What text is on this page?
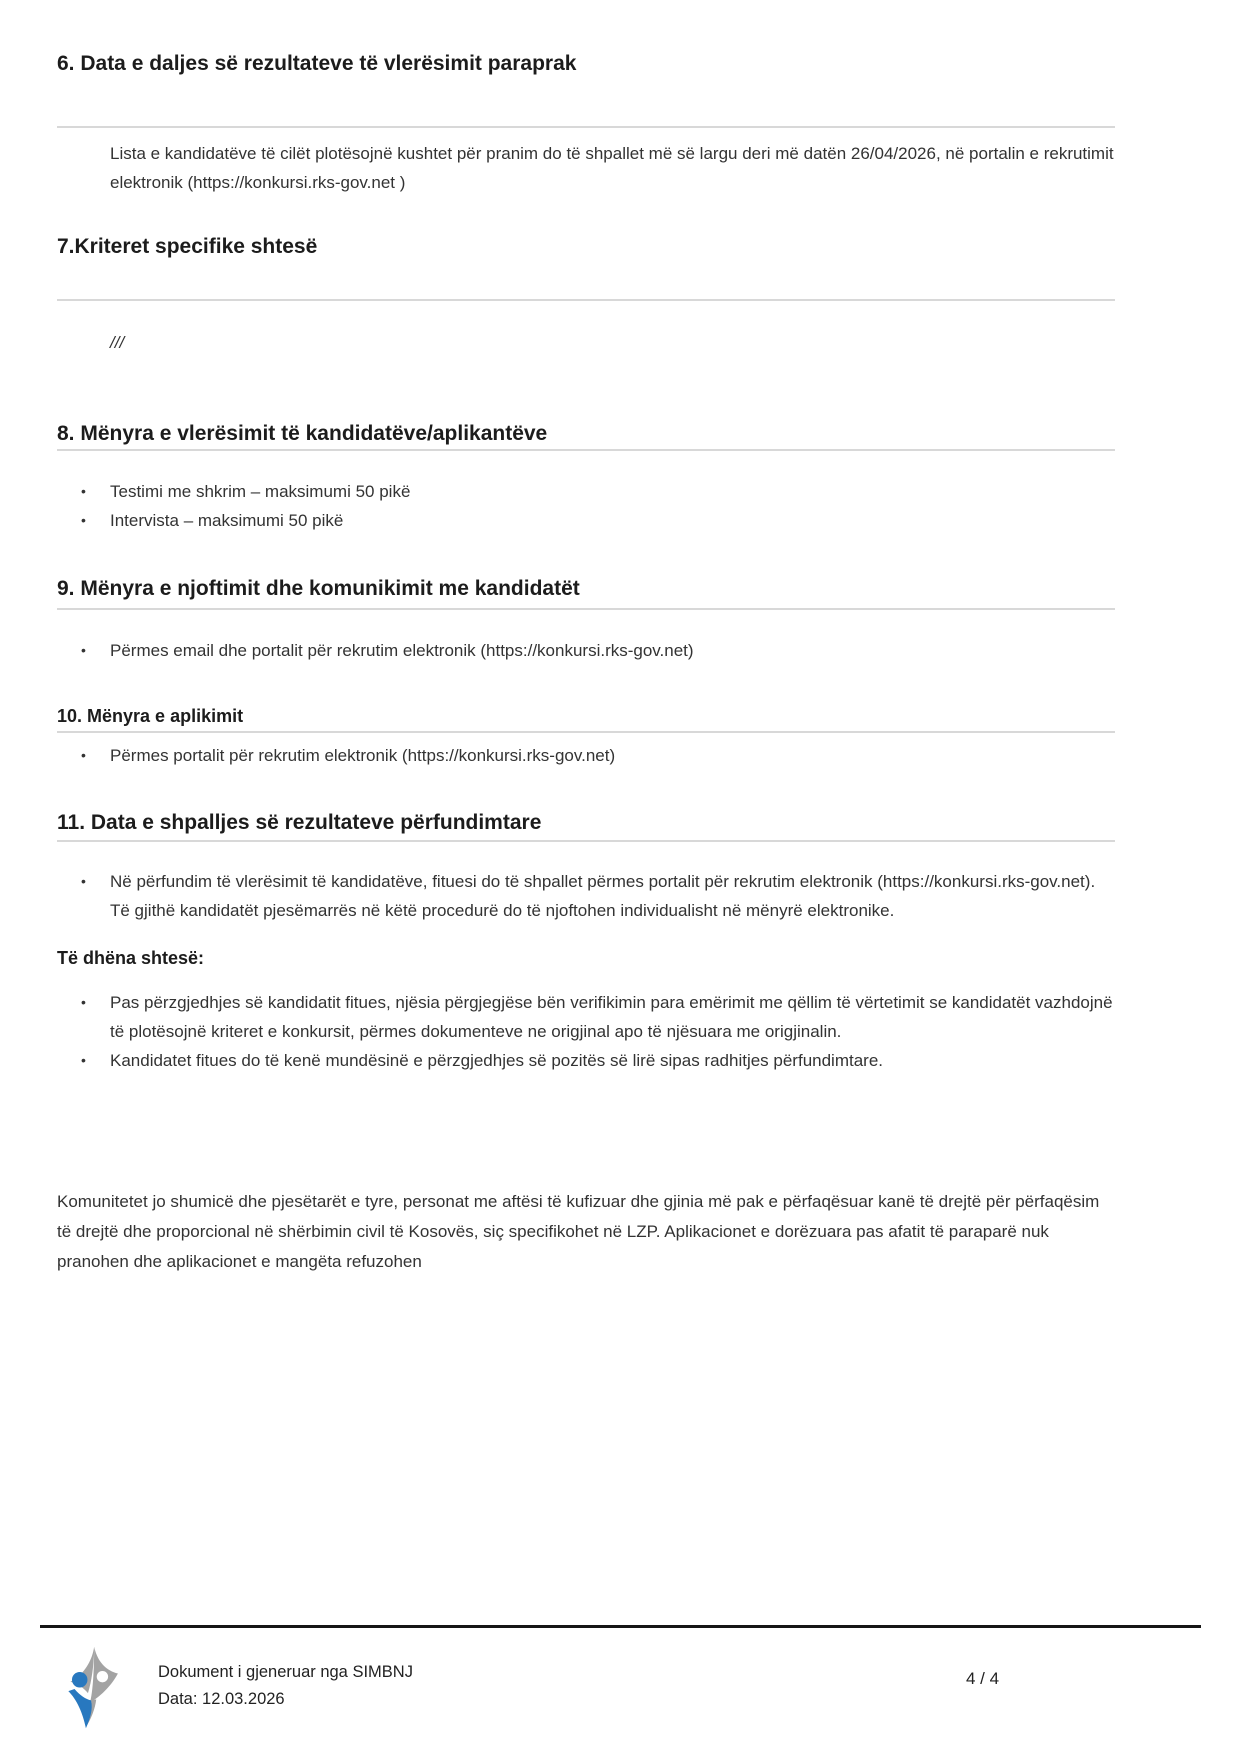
6. Data e daljes së rezultateve të vlerësimit paraprak

Lista e kandidatëve të cilët plotësojnë kushtet për pranim do të shpallet më së largu deri më datën 26/04/2026, në portalin e rekrutimit elektronik (https://konkursi.rks-gov.net )

7.Kriteret specifike shtesë

///

8. Mënyra e vlerësimit të kandidatëve/aplikantëve
• Testimi me shkrim – maksimumi 50 pikë
• Intervista – maksimumi 50 pikë
9. Mënyra e njoftimit dhe komunikimit me kandidatët
• Përmes email dhe portalit për rekrutim elektronik (https://konkursi.rks-gov.net)
10. Mënyra e aplikimit
• Përmes portalit për rekrutim elektronik (https://konkursi.rks-gov.net)
11. Data e shpalljes së rezultateve përfundimtare
• Në përfundim të vlerësimit të kandidatëve, fituesi do të shpallet përmes portalit për rekrutim elektronik (https://konkursi.rks-gov.net). Të gjithë kandidatët pjesëmarrës në këtë procedurë do të njoftohen individualisht në mënyrë elektronike.
Të dhëna shtesë:
• Pas përzgjedhjes së kandidatit fitues, njësia përgjegjëse bën verifikimin para emërimit me qëllim të vërtetimit se kandidatët vazhdojnë të plotësojnë kriteret e konkursit, përmes dokumenteve ne origjinal apo të njësuara me origjinalin.
• Kandidatet fitues do të kenë mundësinë e përzgjedhjes së pozitës së lirë sipas radhitjes përfundimtare.

Komunitetet jo shumicë dhe pjesëtarët e tyre, personat me aftësi të kufizuar dhe gjinia më pak e përfaqësuar kanë të drejtë për përfaqësim të drejtë dhe proporcional në shërbimin civil të Kosovës, siç specifikohet në LZP. Aplikacionet e dorëzuara pas afatit të paraparë nuk pranohen dhe aplikacionet e mangëta refuzohen

Dokument i gjeneruar nga SIMBNJ
Data: 12.03.2026
4 / 4
